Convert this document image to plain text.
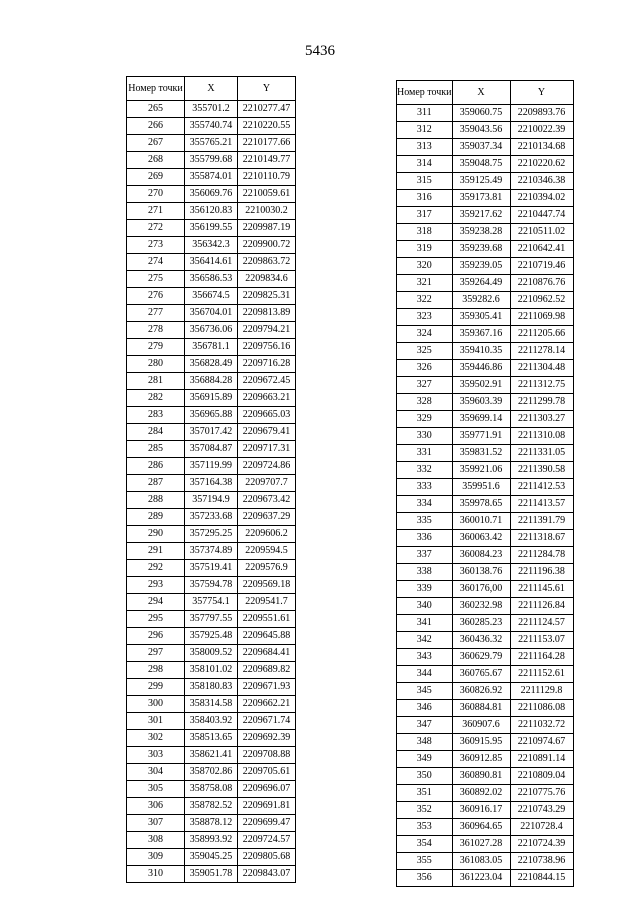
5436
Номер точки	X	Y
265	355701.2	2210277.47
266	355740.74	2210220.55
267	355765.21	2210177.66
268	355799.68	2210149.77
269	355874.01	2210110.79
270	356069.76	2210059.61
271	356120.83	2210030.2
272	356199.55	2209987.19
273	356342.3	2209900.72
274	356414.61	2209863.72
275	356586.53	2209834.6
276	356674.5	2209825.31
277	356704.01	2209813.89
278	356736.06	2209794.21
279	356781.1	2209756.16
280	356828.49	2209716.28
281	356884.28	2209672.45
282	356915.89	2209663.21
283	356965.88	2209665.03
284	357017.42	2209679.41
285	357084.87	2209717.31
286	357119.99	2209724.86
287	357164.38	2209707.7
288	357194.9	2209673.42
289	357233.68	2209637.29
290	357295.25	2209606.2
291	357374.89	2209594.5
292	357519.41	2209576.9
293	357594.78	2209569.18
294	357754.1	2209541.7
295	357797.55	2209551.61
296	357925.48	2209645.88
297	358009.52	2209684.41
298	358101.02	2209689.82
299	358180.83	2209671.93
300	358314.58	2209662.21
301	358403.92	2209671.74
302	358513.65	2209692.39
303	358621.41	2209708.88
304	358702.86	2209705.61
305	358758.08	2209696.07
306	358782.52	2209691.81
307	358878.12	2209699.47
308	358993.92	2209724.57
309	359045.25	2209805.68
310	359051.78	2209843.07
Номер точки	X	Y
311	359060.75	2209893.76
312	359043.56	2210022.39
313	359037.34	2210134.68
314	359048.75	2210220.62
315	359125.49	2210346.38
316	359173.81	2210394.02
317	359217.62	2210447.74
318	359238.28	2210511.02
319	359239.68	2210642.41
320	359239.05	2210719.46
321	359264.49	2210876.76
322	359282.6	2210962.52
323	359305.41	2211069.98
324	359367.16	2211205.66
325	359410.35	2211278.14
326	359446.86	2211304.48
327	359502.91	2211312.75
328	359603.39	2211299.78
329	359699.14	2211303.27
330	359771.91	2211310.08
331	359831.52	2211331.05
332	359921.06	2211390.58
333	359951.6	2211412.53
334	359978.65	2211413.57
335	360010.71	2211391.79
336	360063.42	2211318.67
337	360084.23	2211284.78
338	360138.76	2211196.38
339	360176,00	2211145.61
340	360232.98	2211126.84
341	360285.23	2211124.57
342	360436.32	2211153.07
343	360629.79	2211164.28
344	360765.67	2211152.61
345	360826.92	2211129.8
346	360884.81	2211086.08
347	360907.6	2211032.72
348	360915.95	2210974.67
349	360912.85	2210891.14
350	360890.81	2210809.04
351	360892.02	2210775.76
352	360916.17	2210743.29
353	360964.65	2210728.4
354	361027.28	2210724.39
355	361083.05	2210738.96
356	361223.04	2210844.15
